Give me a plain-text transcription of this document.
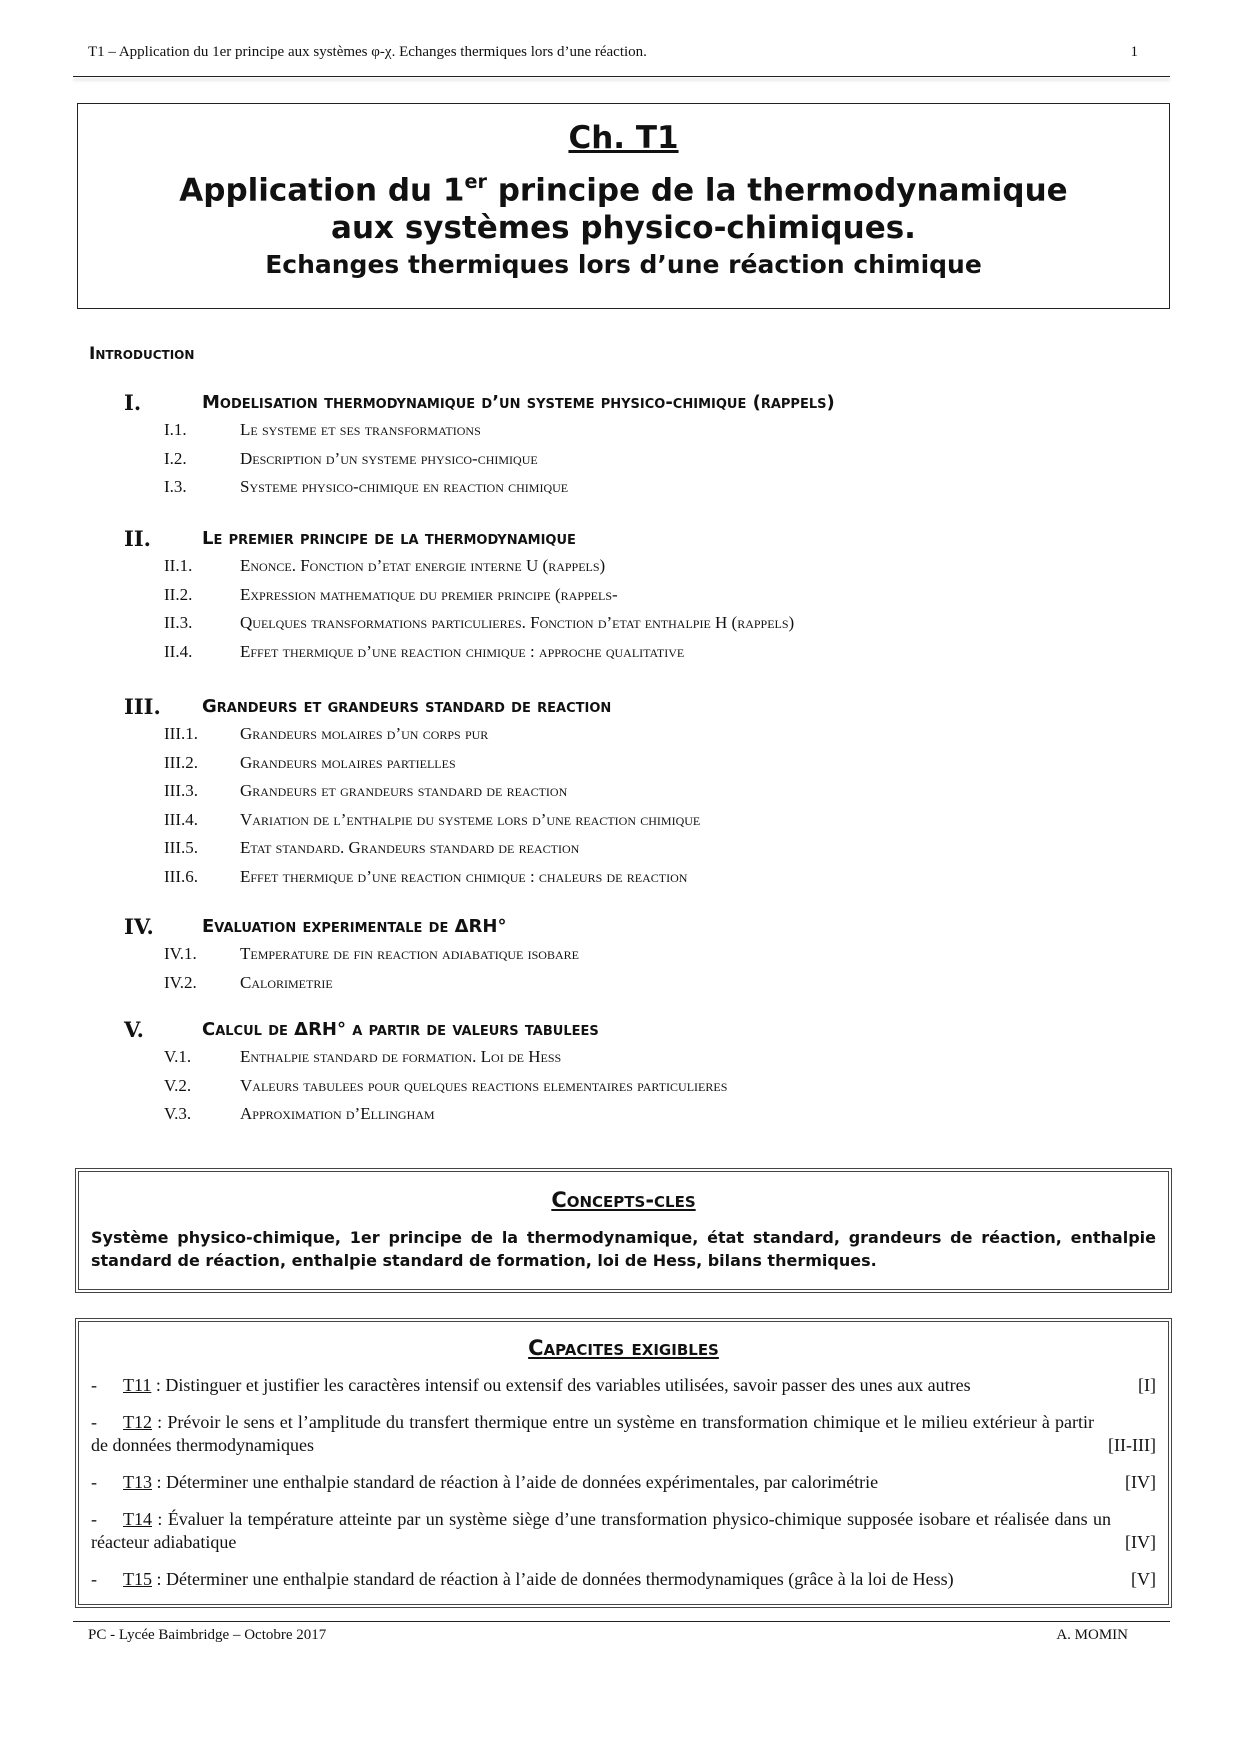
T1 – Application du 1er principe aux systèmes φ-χ. Echanges thermiques lors d’une réaction.	1
Ch. T1
Application du 1er principe de la thermodynamique
aux systèmes physico-chimiques.
Echanges thermiques lors d’une réaction chimique
Introduction
I.	Modelisation thermodynamique d’un systeme physico-chimique (rappels)
I.1.	Le systeme et ses transformations
I.2.	Description d’un systeme physico-chimique
I.3.	Systeme physico-chimique en reaction chimique
II.	Le premier principe de la thermodynamique
II.1.	Enonce. Fonction d’etat energie interne U (rappels)
II.2.	Expression mathematique du premier principe (rappels-
II.3.	Quelques transformations particulieres. Fonction d’etat enthalpie H (rappels)
II.4.	Effet thermique d’une reaction chimique : approche qualitative
III. Grandeurs et grandeurs standard de reaction
III.1. Grandeurs molaires d’un corps pur
III.2. Grandeurs molaires partielles
III.3. Grandeurs et grandeurs standard de reaction
III.4. Variation de l’enthalpie du systeme lors d’une reaction chimique
III.5. Etat standard. Grandeurs standard de reaction
III.6. Effet thermique d’une reaction chimique : chaleurs de reaction
IV.	Evaluation experimentale de ΔRH°
IV.1.	Temperature de fin reaction adiabatique isobare
IV.2.	Calorimetrie
V.	Calcul de ΔRH° a partir de valeurs tabulees
V.1.	Enthalpie standard de formation. Loi de Hess
V.2.	Valeurs tabulees pour quelques reactions elementaires particulieres
V.3.	Approximation d’Ellingham
Concepts-cles
Système physico-chimique, 1er principe de la thermodynamique, état standard, grandeurs de réaction, enthalpie standard de réaction, enthalpie standard de formation, loi de Hess, bilans thermiques.
Capacites exigibles
- T11 : Distinguer et justifier les caractères intensif ou extensif des variables utilisées, savoir passer des unes aux autres	[I]
- T12 : Prévoir le sens et l’amplitude du transfert thermique entre un système en transformation chimique et le milieu extérieur à partir de données thermodynamiques	[II-III]
- T13 : Déterminer une enthalpie standard de réaction à l’aide de données expérimentales, par calorimétrie	[IV]
- T14 : Évaluer la température atteinte par un système siège d’une transformation physico-chimique supposée isobare et réalisée dans un réacteur adiabatique	[IV]
- T15 : Déterminer une enthalpie standard de réaction à l’aide de données thermodynamiques (grâce à la loi de Hess)	[V]
PC - Lycée Baimbridge – Octobre 2017	A. MOMIN
